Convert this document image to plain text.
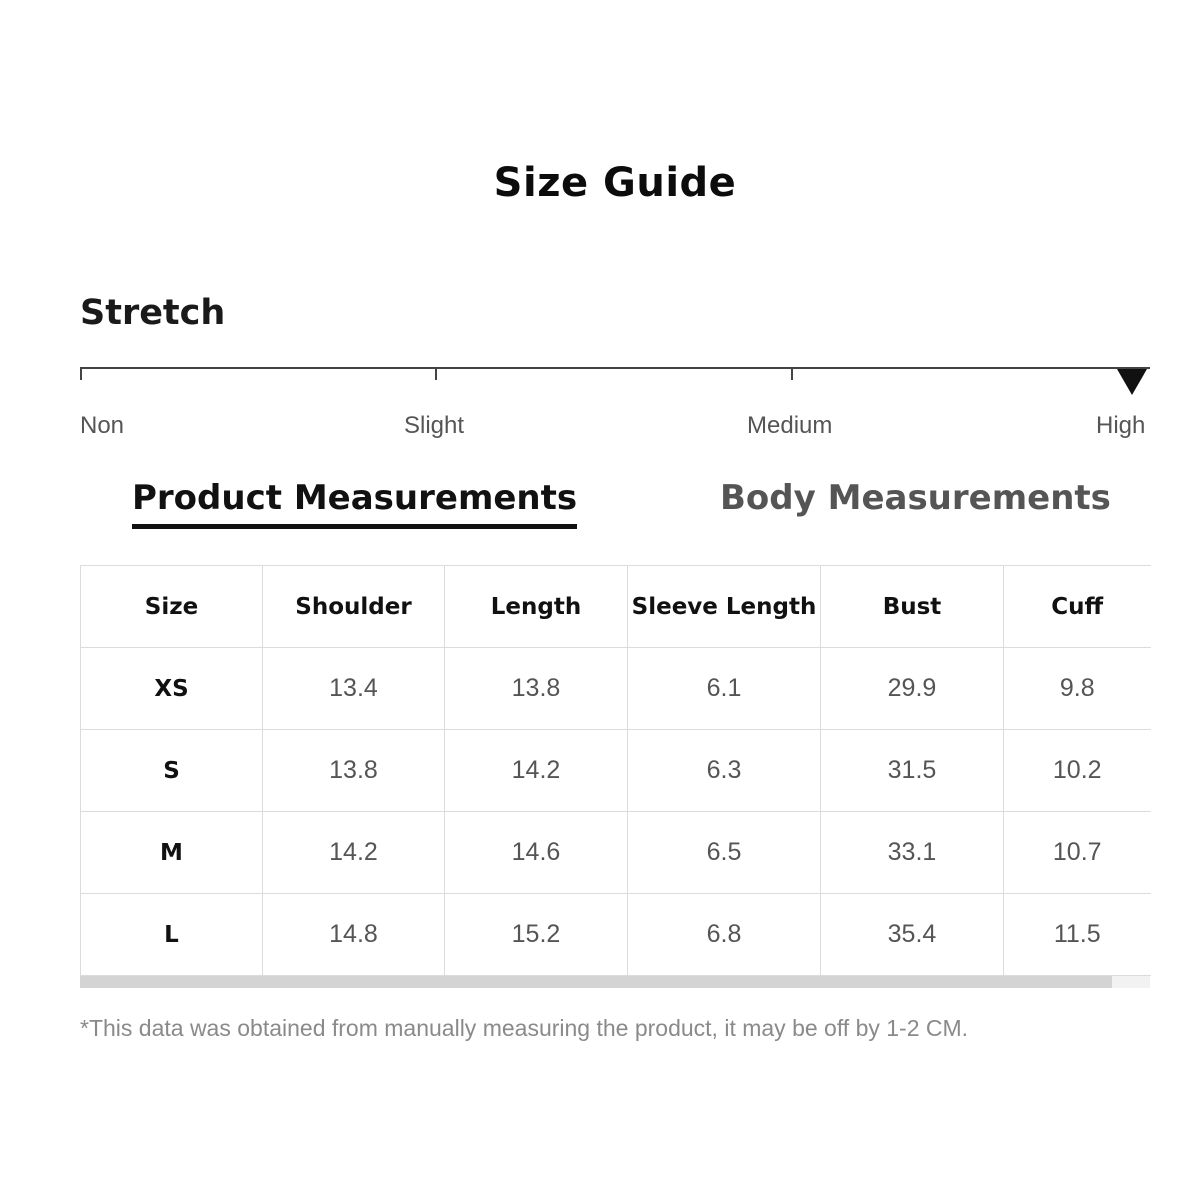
Size Guide
Stretch
Non	Slight	Medium	High
Product Measurements	Body Measurements
Size	Shoulder	Length	Sleeve Length	Bust	Cuff
XS	13.4	13.8	6.1	29.9	9.8
S	13.8	14.2	6.3	31.5	10.2
M	14.2	14.6	6.5	33.1	10.7
L	14.8	15.2	6.8	35.4	11.5
*This data was obtained from manually measuring the product, it may be off by 1-2 CM.
